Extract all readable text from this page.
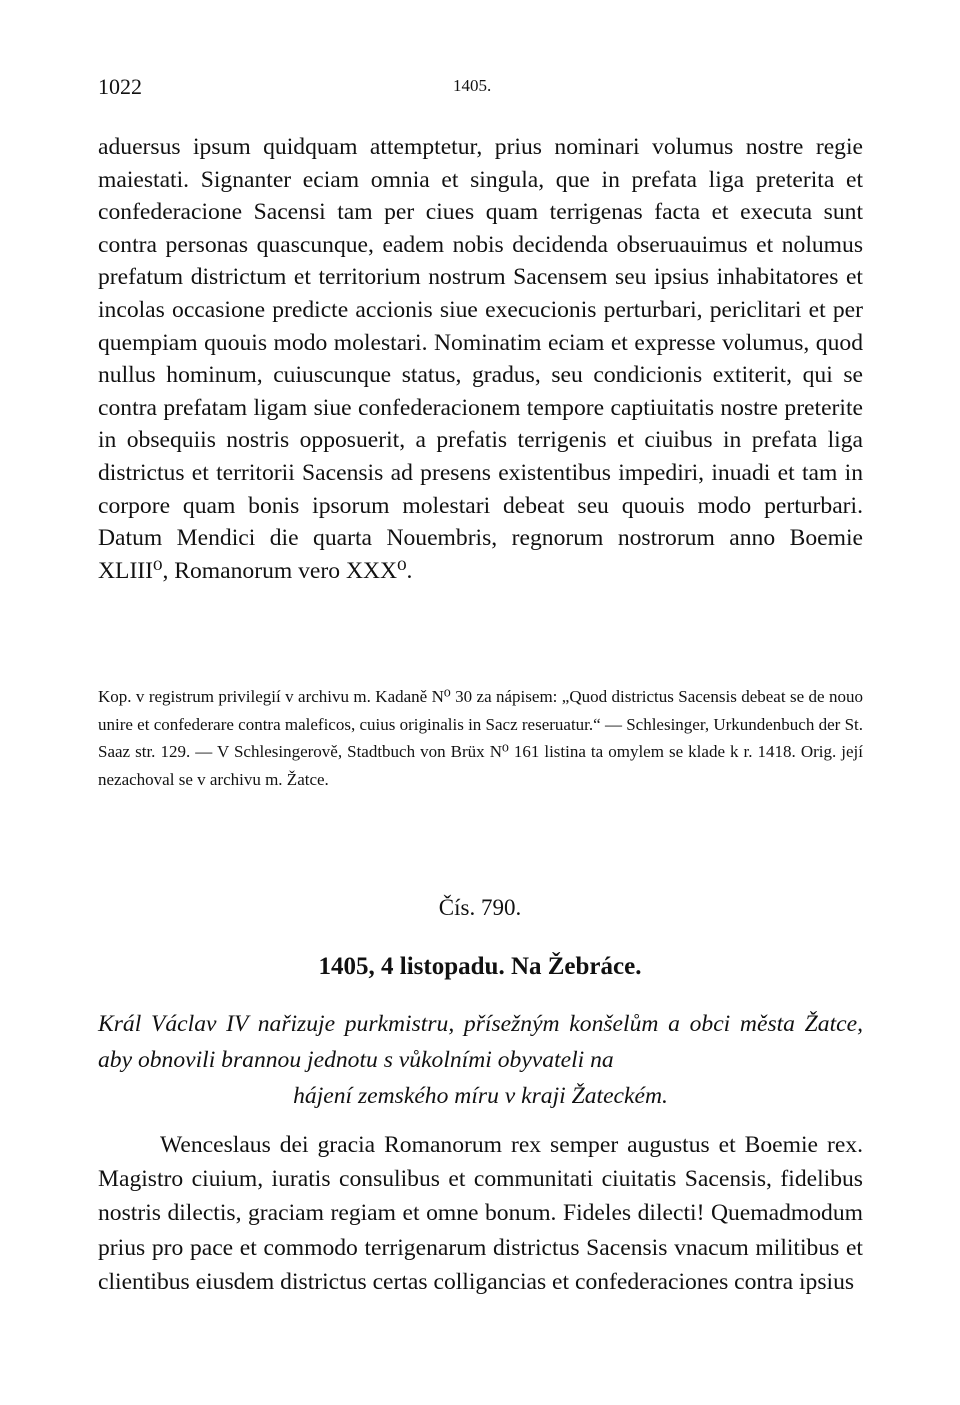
1022	1405.

aduersus ipsum quidquam attemptetur, prius nominari volumus nostre regie maiestati. Signanter eciam omnia et singula, que in prefata liga preterita et confederacione Sacensi tam per ciues quam terrigenas facta et executa sunt contra personas quascunque, eadem nobis decidenda obseruauimus et nolumus prefatum districtum et territorium nostrum Sacensem seu ipsius inhabitatores et incolas occasione predicte accionis siue execucionis perturbari, periclitari et per quempiam quouis modo molestari. Nominatim eciam et expresse volumus, quod nullus hominum, cuiuscunque status, gradus, seu condicionis extiterit, qui se contra prefatam ligam siue confederacionem tempore captiuitatis nostre preterite in obsequiis nostris opposuerit, a prefatis terrigenis et ciuibus in prefata liga districtus et territorii Sacensis ad presens existentibus impediri, inuadi et tam in corpore quam bonis ipsorum molestari debeat seu quouis modo perturbari. Datum Mendici die quarta Nouembris, regnorum nostrorum anno Boemie XLIII⁰, Romanorum vero XXX⁰.

Kop. v registrum privilegií v archivu m. Kadaně N⁰ 30 za nápisem: „Quod districtus Sacensis debeat se de nouo unire et confederare contra maleficos, cuius originalis in Sacz reseruatur.“ — Schlesinger, Urkundenbuch der St. Saaz str. 129. — V Schlesingerově, Stadtbuch von Brüx N⁰ 161 listina ta omylem se klade k r. 1418. Orig. její nezachoval se v archivu m. Žatce.
Čís. 790.
1405, 4 listopadu. Na Žebráce.
Král Václav IV nařizuje purkmistru, přísežným konšelům a obci města Žatce, aby obnovili brannou jednotu s vůkolními obyvateli na
hájení zemského míru v kraji Žateckém.

Wenceslaus dei gracia Romanorum rex semper augustus et Boemie rex. Magistro ciuium, iuratis consulibus et communitati ciuitatis Sacensis, fidelibus nostris dilectis, graciam regiam et omne bonum. Fideles dilecti! Quemadmodum prius pro pace et commodo terrigenarum districtus Sacensis vnacum militibus et clientibus eiusdem districtus certas colligancias et confederaciones contra ipsius
